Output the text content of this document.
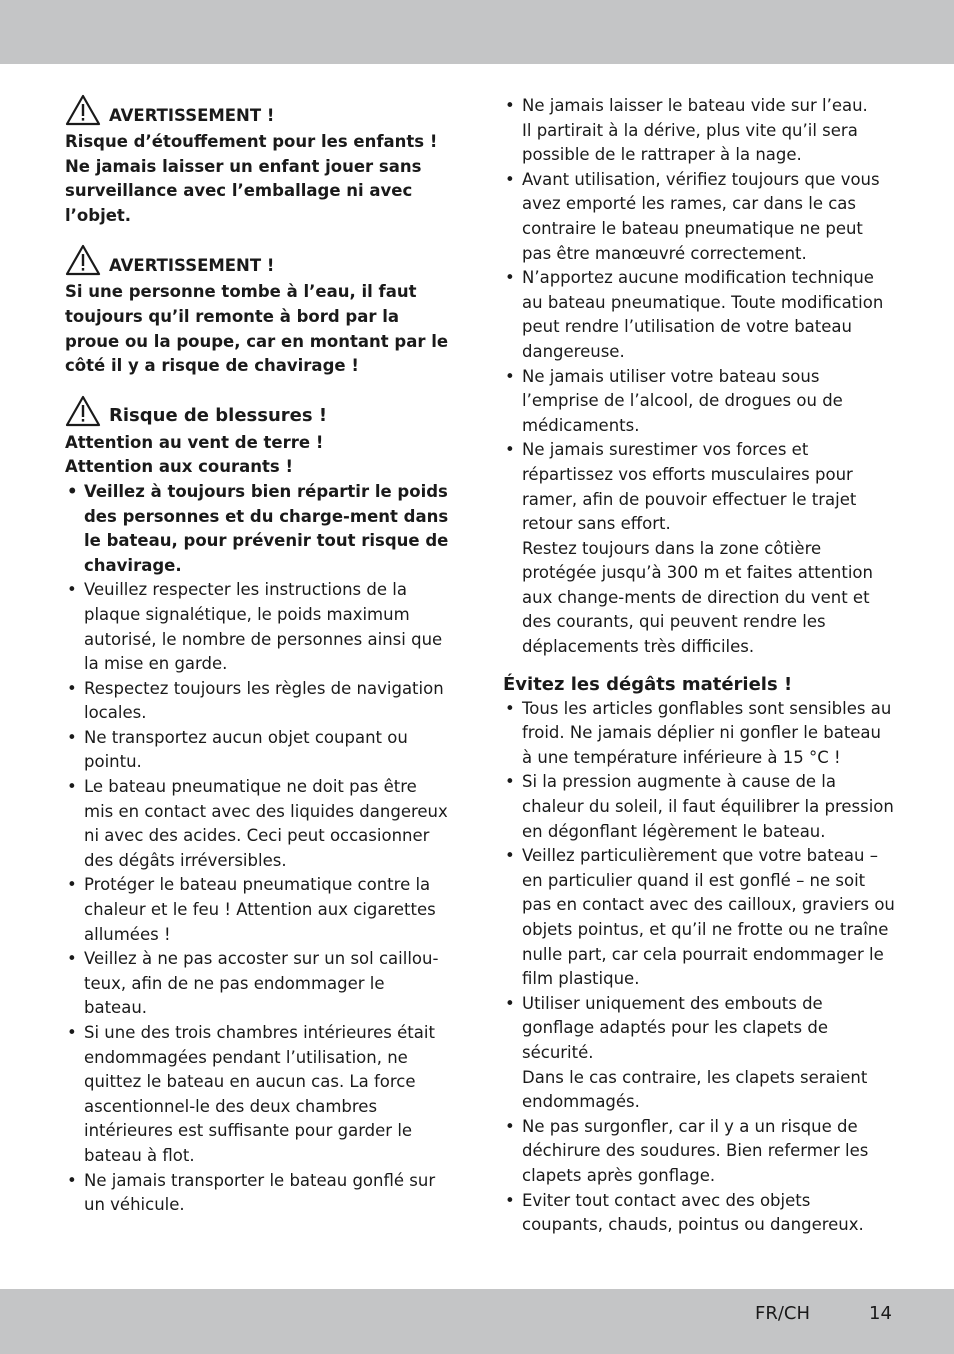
AVERTISSEMENT !

Risque d’étouffement pour les enfants ! Ne jamais laisser un enfant jouer sans surveillance avec l’emballage ni avec l’objet.

AVERTISSEMENT !

Si une personne tombe à l’eau, il faut toujours qu’il remonte à bord par la proue ou la poupe, car en montant par le côté il y a risque de chavirage !

Risque de blessures !

Attention au vent de terre !

Attention aux courants !

• Veillez à toujours bien répartir le poids des personnes et du charge-ment dans le bateau, pour prévenir tout risque de chavirage.
• Veuillez respecter les instructions de la plaque signalétique, le poids maximum autorisé, le nombre de personnes ainsi que la mise en garde.
• Respectez toujours les règles de navigation locales.
• Ne transportez aucun objet coupant ou pointu.
• Le bateau pneumatique ne doit pas être mis en contact avec des liquides dangereux ni avec des acides. Ceci peut occasionner des dégâts irréversibles.
• Protéger le bateau pneumatique contre la chaleur et le feu ! Attention aux cigarettes allumées !
• Veillez à ne pas accoster sur un sol caillou-teux, afin de ne pas endommager le bateau.
• Si une des trois chambres intérieures était endommagées pendant l’utilisation, ne quittez le bateau en aucun cas. La force ascentionnel-le des deux chambres intérieures est suffisante pour garder le bateau à flot.
• Ne jamais transporter le bateau gonflé sur un véhicule.
• Ne jamais laisser le bateau vide sur l’eau.
Il partirait à la dérive, plus vite qu’il sera possible de le rattraper à la nage.
• Avant utilisation, vérifiez toujours que vous avez emporté les rames, car dans le cas contraire le bateau pneumatique ne peut pas être manœuvré correctement.
• N’apportez aucune modification technique au bateau pneumatique. Toute modification peut rendre l’utilisation de votre bateau dangereuse.
• Ne jamais utiliser votre bateau sous l’emprise de l’alcool, de drogues ou de médicaments.
• Ne jamais surestimer vos forces et répartissez vos efforts musculaires pour ramer, afin de pouvoir effectuer le trajet retour sans effort.
Restez toujours dans la zone côtière protégée jusqu’à 300 m et faites attention aux change-ments de direction du vent et des courants, qui peuvent rendre les déplacements très difficiles.
Évitez les dégâts matériels !
• Tous les articles gonflables sont sensibles au froid. Ne jamais déplier ni gonfler le bateau à une température inférieure à 15 °C !
• Si la pression augmente à cause de la chaleur du soleil, il faut équilibrer la pression en dégonflant légèrement le bateau.
• Veillez particulièrement que votre bateau – en particulier quand il est gonflé – ne soit pas en contact avec des cailloux, graviers ou objets pointus, et qu’il ne frotte ou ne traîne nulle part, car cela pourrait endommager le film plastique.
• Utiliser uniquement des embouts de gonflage adaptés pour les clapets de sécurité.
Dans le cas contraire, les clapets seraient endommagés.
• Ne pas surgonfler, car il y a un risque de déchirure des soudures. Bien refermer les clapets après gonflage.
• Eviter tout contact avec des objets coupants, chauds, pointus ou dangereux.
FR/CH	14
